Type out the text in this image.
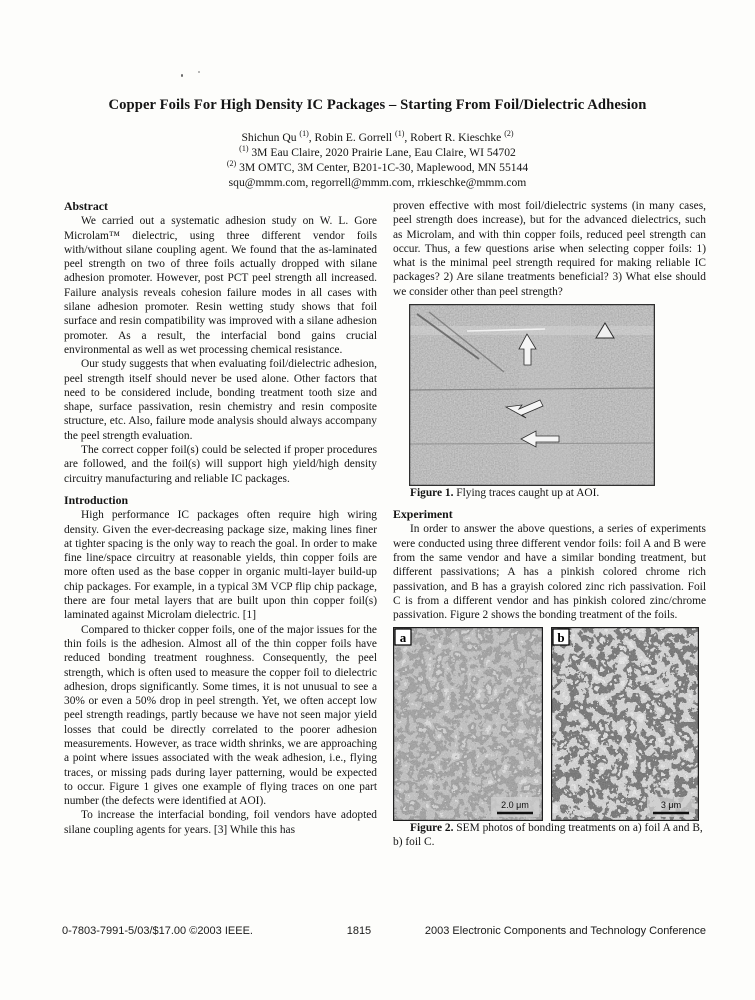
Copper Foils For High Density IC Packages – Starting From Foil/Dielectric Adhesion
Shichun Qu $^{(1)}$, Robin E. Gorrell $^{(1)}$, Robert R. Kieschke $^{(2)}$
$^{(1)}$ 3M Eau Claire, 2020 Prairie Lane, Eau Claire, WI 54702
$^{(2)}$ 3M OMTC, 3M Center, B201-1C-30, Maplewood, MN 55144
squ@mmm.com, regorrell@mmm.com, rrkieschke@mmm.com
Abstract

We carried out a systematic adhesion study on W. L. Gore Microlam™ dielectric, using three different vendor foils with/without silane coupling agent. We found that the as-laminated peel strength on two of three foils actually dropped with silane adhesion promoter. However, post PCT peel strength all increased. Failure analysis reveals cohesion failure modes in all cases with silane adhesion promoter. Resin wetting study shows that foil surface and resin compatibility was improved with a silane adhesion promoter. As a result, the interfacial bond gains crucial environmental as well as wet processing chemical resistance.

Our study suggests that when evaluating foil/dielectric adhesion, peel strength itself should never be used alone. Other factors that need to be considered include, bonding treatment tooth size and shape, surface passivation, resin chemistry and resin composite structure, etc. Also, failure mode analysis should always accompany the peel strength evaluation.

The correct copper foil(s) could be selected if proper procedures are followed, and the foil(s) will support high yield/high density circuitry manufacturing and reliable IC packages.

Introduction

High performance IC packages often require high wiring density. Given the ever-decreasing package size, making lines finer at tighter spacing is the only way to reach the goal. In order to make fine line/space circuitry at reasonable yields, thin copper foils are more often used as the base copper in organic multi-layer build-up chip packages. For example, in a typical 3M VCP flip chip package, there are four metal layers that are built upon thin copper foil(s) laminated against Microlam dielectric. [1]

Compared to thicker copper foils, one of the major issues for the thin foils is the adhesion. Almost all of the thin copper foils have reduced bonding treatment roughness. Consequently, the peel strength, which is often used to measure the copper foil to dielectric adhesion, drops significantly. Some times, it is not unusual to see a 30% or even a 50% drop in peel strength. Yet, we often accept low peel strength readings, partly because we have not seen major yield losses that could be directly correlated to the poorer adhesion measurements. However, as trace width shrinks, we are approaching a point where issues associated with the weak adhesion, i.e., flying traces, or missing pads during layer patterning, would be expected to occur. Figure 1 gives one example of flying traces on one part number (the defects were identified at AOI).

To increase the interfacial bonding, foil vendors have adopted silane coupling agents for years. [3] While this has

proven effective with most foil/dielectric systems (in many cases, peel strength does increase), but for the advanced dielectrics, such as Microlam, and with thin copper foils, reduced peel strength can occur. Thus, a few questions arise when selecting copper foils: 1) what is the minimal peel strength required for making reliable IC packages? 2) Are silane treatments beneficial? 3) What else should we consider other than peel strength?

Figure 1. Flying traces caught up at AOI.

Experiment

In order to answer the above questions, a series of experiments were conducted using three different vendor foils: foil A and B were from the same vendor and have a similar bonding treatment, but different passivations; A has a pinkish colored chrome rich passivation, and B has a grayish colored zinc rich passivation. Foil C is from a different vendor and has pinkish colored zinc/chrome passivation. Figure 2 shows the bonding treatment of the foils.

a
2.0 μm
b
3 μm

Figure 2. SEM photos of bonding treatments on a) foil A and B, b) foil C.

0-7803-7991-5/03/$17.00 ©2003 IEEE.	1815	2003 Electronic Components and Technology Conference
